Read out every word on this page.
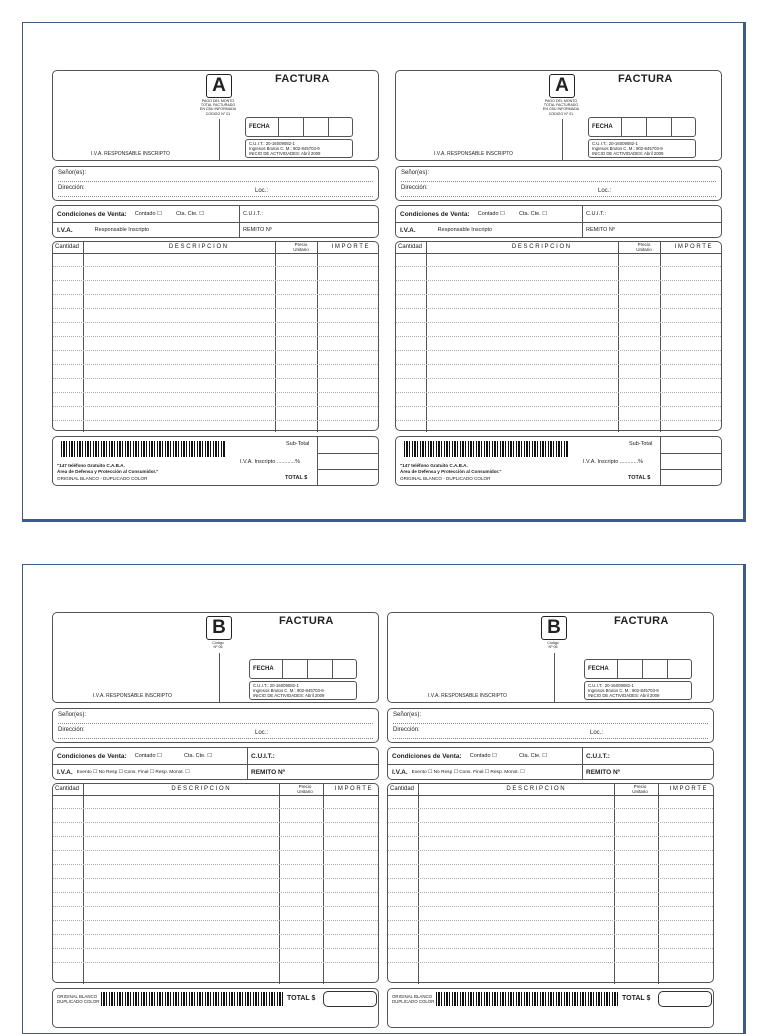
A
PAGO DEL MONTO
TOTAL FACTURADO
EN CBU INFORMADA
CODIGO N° 01
FACTURA
FECHA
C.U.I.T.: 20-16009082-1
Ingresos Brutos C. M.: 902-845703-9
INICIO DE ACTIVIDADES: Abril 2009
I.V.A. RESPONSABLE INSCRIPTO
Señor(es):
Dirección:	Loc.:
Condiciones de Venta: Contado ☐	Cta. Cte. ☐	C.U.I.T.:
I.V.A.	Responsable Inscripto	REMITO Nº
Cantidad	D E S C R I P C I O N	Precio
Unitario	I M P O R T E
"147 teléfono Gratuito C.A.B.A.
Área de Defensa y Protección al Consumidor."
ORIGINAL BLANCO - DUPLICADO COLOR
Sub-Total
I.V.A. Inscripto ............%
TOTAL $
A
PAGO DEL MONTO
TOTAL FACTURADO
EN CBU INFORMADA
CODIGO N° 01
FACTURA
FECHA
C.U.I.T.: 20-16009082-1
Ingresos Brutos C. M.: 902-845703-9
INICIO DE ACTIVIDADES: Abril 2009
I.V.A. RESPONSABLE INSCRIPTO
Señor(es):
Dirección:	Loc.:
Condiciones de Venta: Contado ☐	Cta. Cte. ☐	C.U.I.T.:
I.V.A.	Responsable Inscripto	REMITO Nº
Cantidad	D E S C R I P C I O N	Precio
Unitario	I M P O R T E
"147 teléfono Gratuito C.A.B.A.
Área de Defensa y Protección al Consumidor."
ORIGINAL BLANCO - DUPLICADO COLOR
Sub-Total
I.V.A. Inscripto ............%
TOTAL $
B
Código
Nº 06
FACTURA
FECHA
C.U.I.T.: 20-16009082-1
Ingresos Brutos C. M.: 902-845703-9
INICIO DE ACTIVIDADES: Abril 2009
I.V.A. RESPONSABLE INSCRIPTO
Señor(es):
Dirección:	Loc.:
Condiciones de Venta: Contado ☐	Cta. Cte. ☐	C.U.I.T.:
I.V.A. Exento ☐ No Resp ☐ Cons. Final ☐ Resp. Monot. ☐	REMITO Nº
Cantidad	D E S C R I P C I O N	Precio
Unitario	I M P O R T E
ORIGINAL BLANCO
DUPLICADO COLOR	TOTAL $
B
Código
Nº 06
FACTURA
FECHA
C.U.I.T.: 20-16009082-1
Ingresos Brutos C. M.: 902-845703-9
INICIO DE ACTIVIDADES: Abril 2009
I.V.A. RESPONSABLE INSCRIPTO
Señor(es):
Dirección:	Loc.:
Condiciones de Venta: Contado ☐	Cta. Cte. ☐	C.U.I.T.:
I.V.A. Exento ☐ No Resp ☐ Cons. Final ☐ Resp. Monot. ☐	REMITO Nº
Cantidad	D E S C R I P C I O N	Precio
Unitario	I M P O R T E
ORIGINAL BLANCO
DUPLICADO COLOR	TOTAL $
